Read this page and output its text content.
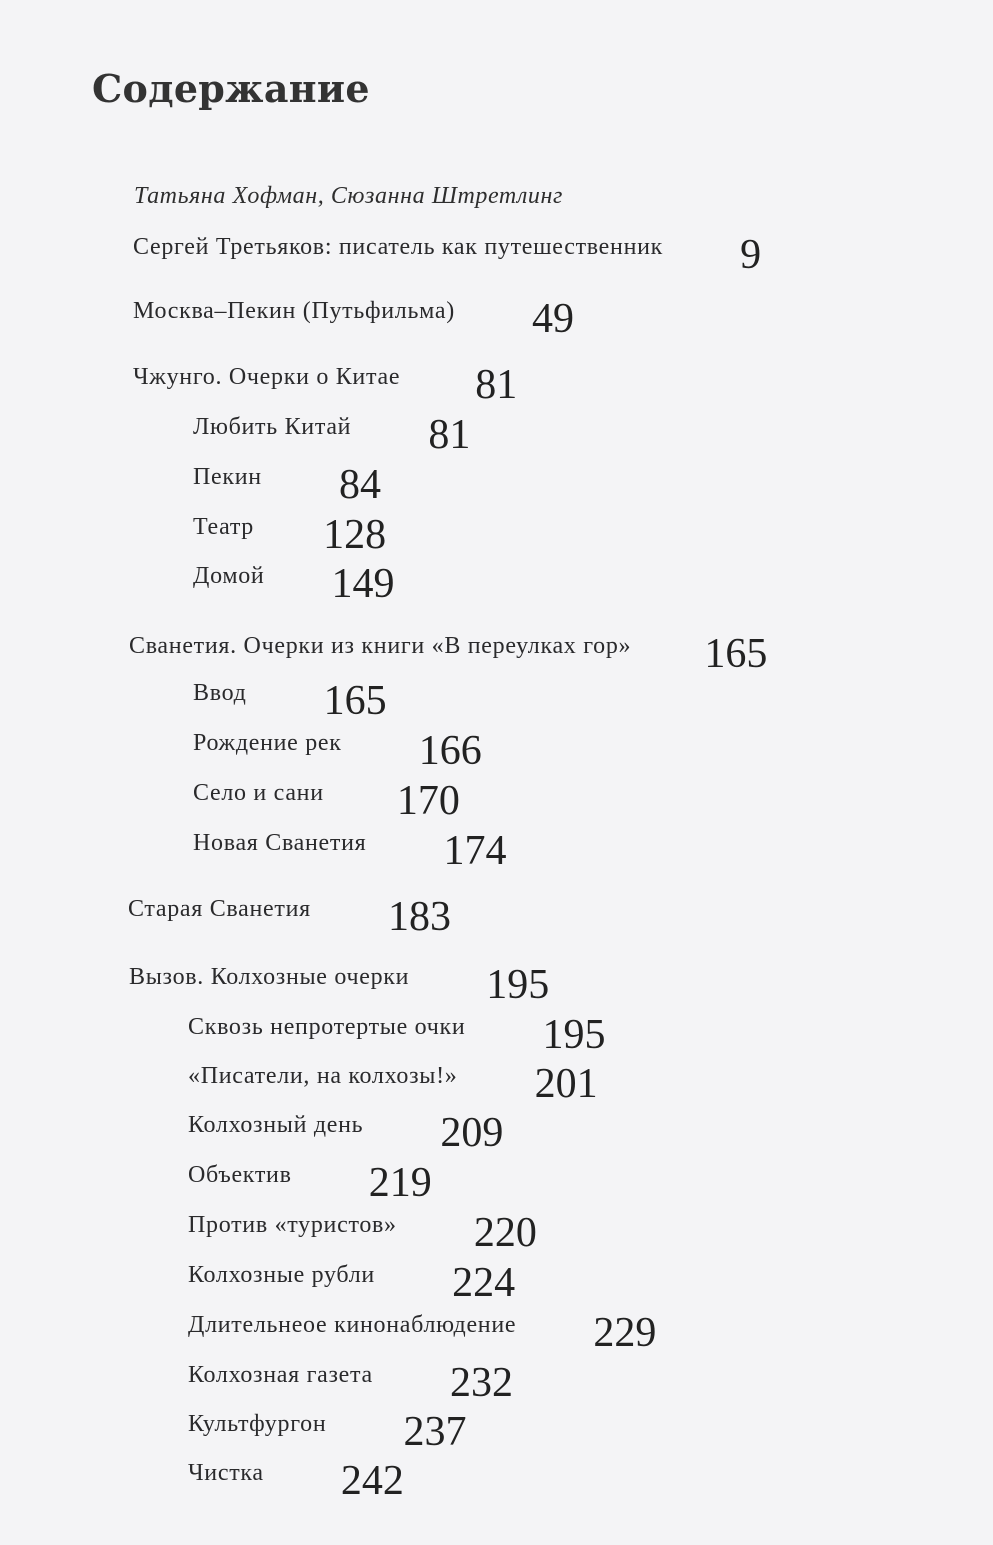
Содержание
Татьяна Хофман, Сюзанна Штретлинг
Сергей Третьяков: писатель как путешественник 9
Москва–Пекин (Путьфильма) 49
Чжунго. Очерки о Китае 81
Любить Китай 81
Пекин 84
Театр 128
Домой 149
Сванетия. Очерки из книги «В переулках гор» 165
Ввод 165
Рождение рек 166
Село и сани 170
Новая Сванетия 174
Старая Сванетия 183
Вызов. Колхозные очерки 195
Сквозь непротертые очки 195
«Писатели, на колхозы!» 201
Колхозный день 209
Объектив 219
Против «туристов» 220
Колхозные рубли 224
Длительнеое кинонаблюдение 229
Колхозная газета 232
Культфургон 237
Чистка 242
